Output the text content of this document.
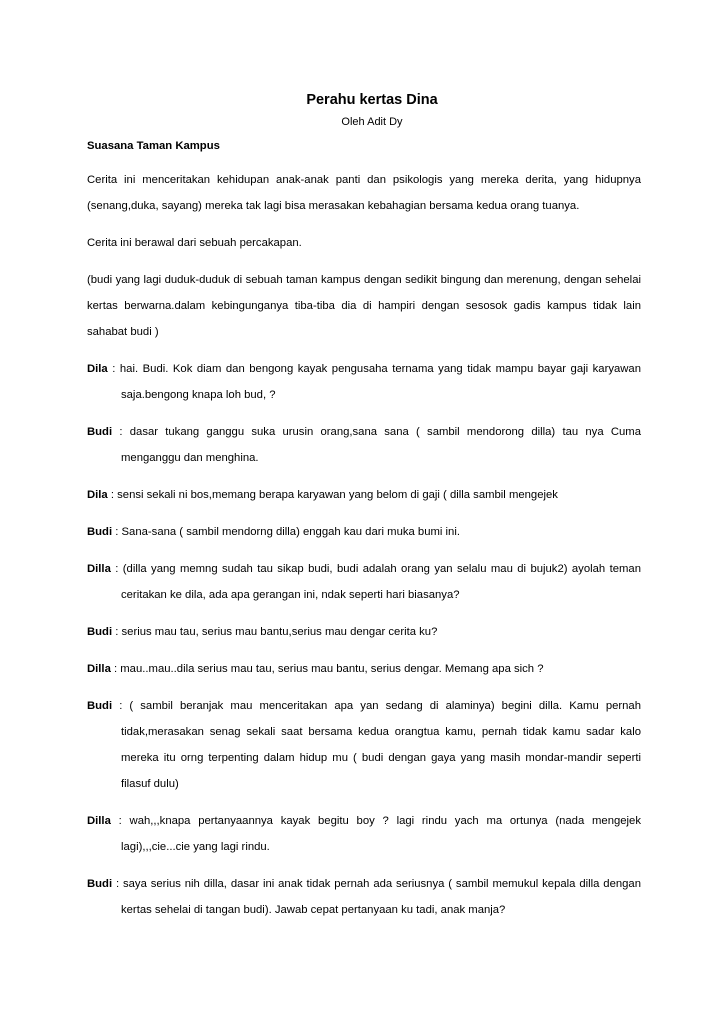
Perahu kertas Dina

Oleh Adit Dy

Suasana Taman Kampus

Cerita ini menceritakan kehidupan anak-anak panti dan psikologis yang mereka derita, yang hidupnya (senang,duka, sayang) mereka tak lagi bisa merasakan kebahagian bersama kedua orang tuanya.

Cerita ini berawal dari sebuah percakapan.

(budi yang lagi duduk-duduk di sebuah taman kampus dengan sedikit bingung dan merenung, dengan sehelai kertas berwarna.dalam kebingunganya tiba-tiba dia di hampiri dengan sesosok gadis kampus tidak lain sahabat budi )

Dila : hai. Budi. Kok diam dan bengong kayak pengusaha ternama yang tidak mampu bayar gaji karyawan saja.bengong knapa loh bud, ?

Budi : dasar tukang ganggu suka urusin orang,sana sana ( sambil mendorong dilla) tau nya Cuma menganggu dan menghina.

Dila : sensi sekali ni bos,memang berapa karyawan yang belom di gaji ( dilla sambil mengejek

Budi : Sana-sana ( sambil mendorng dilla) enggah kau dari muka bumi ini.

Dilla : (dilla yang memng sudah tau sikap budi, budi adalah orang yan selalu mau di bujuk2) ayolah teman ceritakan ke dila, ada apa gerangan ini, ndak seperti hari biasanya?

Budi : serius mau tau, serius mau bantu,serius mau dengar cerita ku?

Dilla : mau..mau..dila serius mau tau, serius mau bantu, serius dengar. Memang apa sich ?

Budi : ( sambil beranjak mau menceritakan apa yan sedang di alaminya) begini dilla. Kamu pernah tidak,merasakan senag sekali saat bersama kedua orangtua kamu, pernah tidak kamu sadar kalo mereka itu orng terpenting dalam hidup mu ( budi dengan gaya yang masih mondar-mandir seperti filasuf dulu)

Dilla : wah,,,knapa pertanyaannya kayak begitu boy ? lagi rindu yach ma ortunya (nada mengejek lagi),,,cie...cie yang lagi rindu.

Budi : saya serius nih dilla, dasar ini anak tidak pernah ada seriusnya ( sambil memukul kepala dilla dengan kertas sehelai di tangan budi). Jawab cepat pertanyaan ku tadi, anak manja?
